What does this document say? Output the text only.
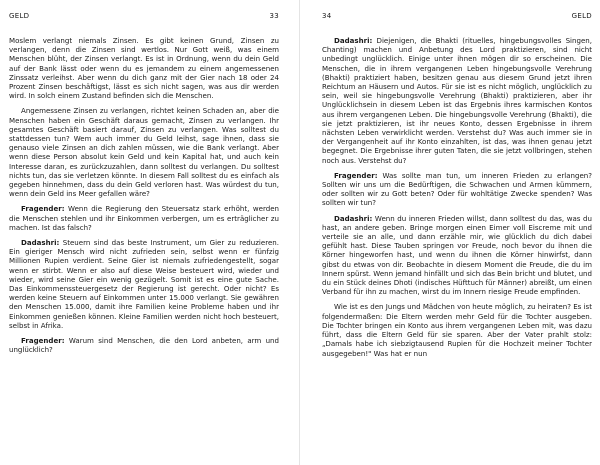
GELD	33

Moslem verlangt niemals Zinsen. Es gibt keinen Grund, Zinsen zu verlangen, denn die Zinsen sind wertlos. Nur Gott weiß, was einem Menschen blüht, der Zinsen verlangt. Es ist in Ordnung, wenn du dein Geld auf der Bank lässt oder wenn du es jemandem zu einem angemessenen Zinssatz verleihst. Aber wenn du dich ganz mit der Gier nach 18 oder 24 Prozent Zinsen beschäftigst, lässt es sich nicht sagen, was aus dir werden wird. In solch einem Zustand befinden sich die Menschen.

Angemessene Zinsen zu verlangen, richtet keinen Schaden an, aber die Menschen haben ein Geschäft daraus gemacht, Zinsen zu verlangen. Ihr gesamtes Geschäft basiert darauf, Zinsen zu verlangen. Was solltest du stattdessen tun? Wem auch immer du Geld leihst, sage ihnen, dass sie genauso viele Zinsen an dich zahlen müssen, wie die Bank verlangt. Aber wenn diese Person absolut kein Geld und kein Kapital hat, und auch kein Interesse daran, es zurückzuzahlen, dann solltest du verlangen. Du solltest nichts tun, das sie verletzen könnte. In diesem Fall solltest du es einfach als gegeben hinnehmen, dass du dein Geld verloren hast. Was würdest du tun, wenn dein Geld ins Meer gefallen wäre?

Fragender: Wenn die Regierung den Steuersatz stark erhöht, werden die Menschen stehlen und ihr Einkommen verbergen, um es erträglicher zu machen. Ist das falsch?

Dadashri: Steuern sind das beste Instrument, um Gier zu reduzieren. Ein gieriger Mensch wird nicht zufrieden sein, selbst wenn er fünfzig Millionen Rupien verdient. Seine Gier ist niemals zufriedengestellt, sogar wenn er stirbt. Wenn er also auf diese Weise besteuert wird, wieder und wieder, wird seine Gier ein wenig gezügelt. Somit ist es eine gute Sache. Das Einkommenssteuergesetz der Regierung ist gerecht. Oder nicht? Es werden keine Steuern auf Einkommen unter 15.000 verlangt. Sie gewähren den Menschen 15.000, damit ihre Familien keine Probleme haben und ihr Einkommen genießen können. Kleine Familien werden nicht hoch besteuert, selbst in Afrika.

Fragender: Warum sind Menschen, die den Lord anbeten, arm und unglücklich?

34	GELD

Dadashri: Diejenigen, die Bhakti (rituelles, hingebungsvolles Singen, Chanting) machen und Anbetung des Lord praktizieren, sind nicht unbedingt unglücklich. Einige unter ihnen mögen dir so erscheinen. Die Menschen, die in ihrem vergangenen Leben hingebungsvolle Verehrung (Bhakti) praktiziert haben, besitzen genau aus diesem Grund jetzt ihren Reichtum an Häusern und Autos. Für sie ist es nicht möglich, unglücklich zu sein, weil sie hingebungsvolle Verehrung (Bhakti) praktizieren, aber ihr Unglücklichsein in diesem Leben ist das Ergebnis ihres karmischen Kontos aus ihrem vergangenen Leben. Die hingebungsvolle Verehrung (Bhakti), die sie jetzt praktizieren, ist ihr neues Konto, dessen Ergebnisse in ihrem nächsten Leben verwirklicht werden. Verstehst du? Was auch immer sie in der Vergangenheit auf ihr Konto einzahlten, ist das, was ihnen genau jetzt begegnet. Die Ergebnisse ihrer guten Taten, die sie jetzt vollbringen, stehen noch aus. Verstehst du?

Fragender: Was sollte man tun, um inneren Frieden zu erlangen? Sollten wir uns um die Bedürftigen, die Schwachen und Armen kümmern, oder sollten wir zu Gott beten? Oder für wohltätige Zwecke spenden? Was sollten wir tun?

Dadashri: Wenn du inneren Frieden willst, dann solltest du das, was du hast, an andere geben. Bringe morgen einen Eimer voll Eiscreme mit und verteile sie an alle, und dann erzähle mir, wie glücklich du dich dabei gefühlt hast. Diese Tauben springen vor Freude, noch bevor du ihnen die Körner hingeworfen hast, und wenn du ihnen die Körner hinwirfst, dann gibst du etwas von dir. Beobachte in diesem Moment die Freude, die du im Innern spürst. Wenn jemand hinfällt und sich das Bein bricht und blutet, und du ein Stück deines Dhoti (indisches Hüfttuch für Männer) abreißt, um einen Verband für ihn zu machen, wirst du im Innern riesige Freude empfinden.

Wie ist es den Jungs und Mädchen von heute möglich, zu heiraten? Es ist folgendermaßen: Die Eltern werden mehr Geld für die Tochter ausgeben. Die Tochter bringen ein Konto aus ihrem vergangenen Leben mit, was dazu führt, dass die Eltern Geld für sie sparen. Aber der Vater prahlt stolz: „Damals habe ich siebzigtausend Rupien für die Hochzeit meiner Tochter ausgegeben!" Was hat er nun
